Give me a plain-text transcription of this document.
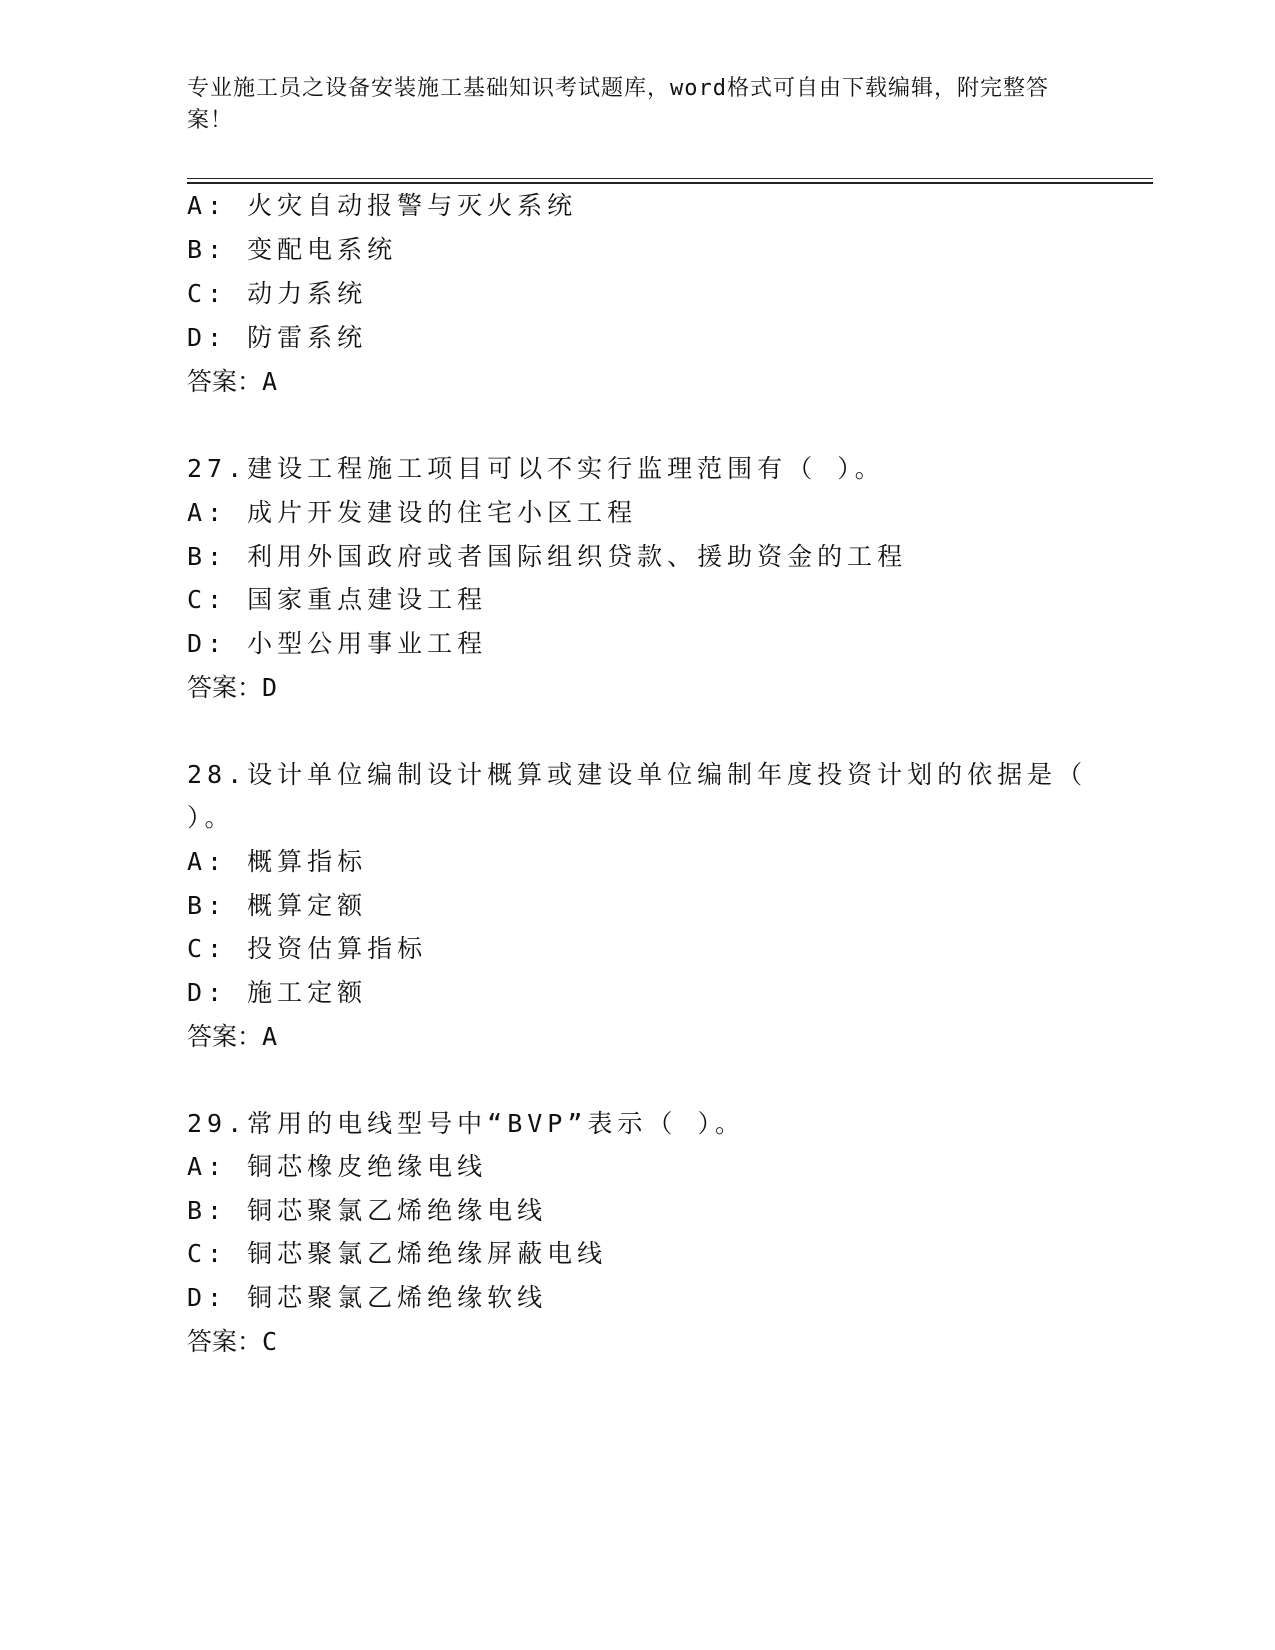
专业施工员之设备安装施工基础知识考试题库，word格式可自由下载编辑，附完整答案！
A: 火灾自动报警与灭火系统
B: 变配电系统
C: 动力系统
D: 防雷系统
答案：A
27.建设工程施工项目可以不实行监理范围有（ ）。
A: 成片开发建设的住宅小区工程
B: 利用外国政府或者国际组织贷款、援助资金的工程
C: 国家重点建设工程
D: 小型公用事业工程
答案：D
28.设计单位编制设计概算或建设单位编制年度投资计划的依据是（
）。
A: 概算指标
B: 概算定额
C: 投资估算指标
D: 施工定额
答案：A
29.常用的电线型号中“BVP”表示（ ）。
A: 铜芯橡皮绝缘电线
B: 铜芯聚氯乙烯绝缘电线
C: 铜芯聚氯乙烯绝缘屏蔽电线
D: 铜芯聚氯乙烯绝缘软线
答案：C
